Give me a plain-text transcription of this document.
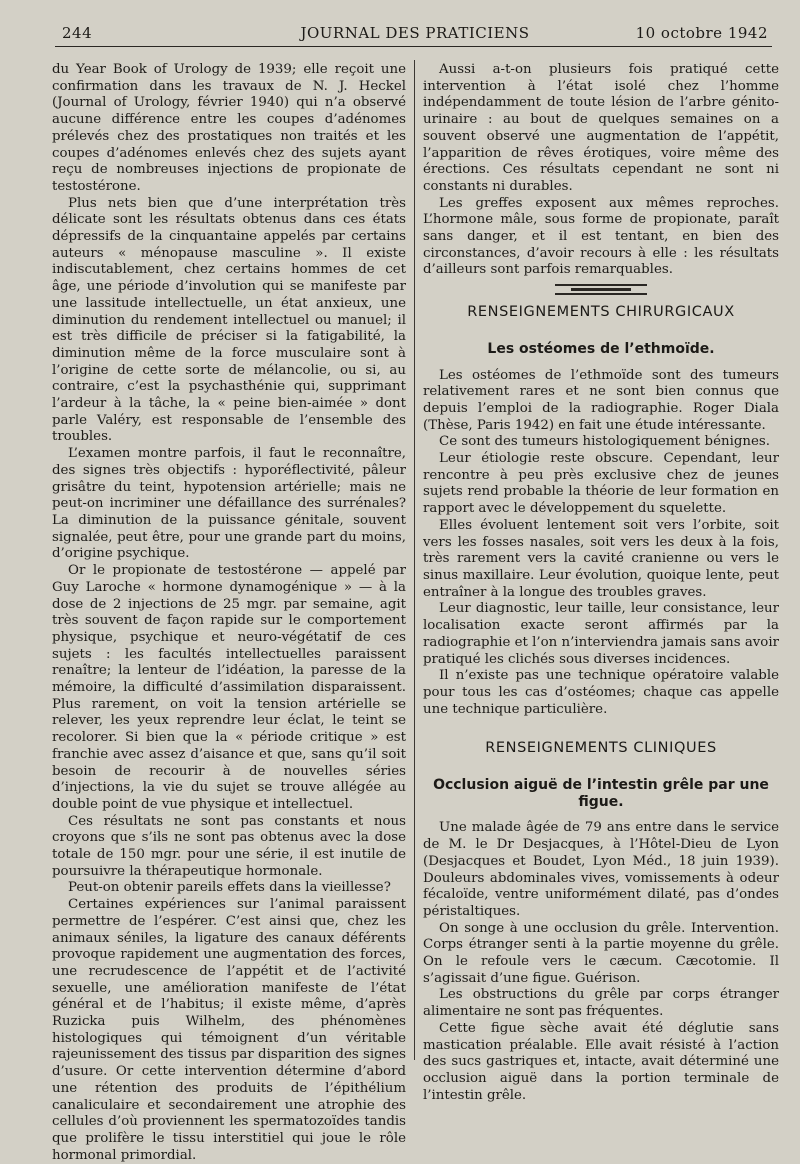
244	JOURNAL DES PRATICIENS	10 octobre 1942

du Year Book of Urology de 1939; elle reçoit une confirmation dans les travaux de N. J. Heckel (Journal of Urology, février 1940) qui n’a observé aucune différence entre les coupes d’adénomes prélevés chez des prostatiques non traités et les coupes d’adénomes enlevés chez des sujets ayant reçu de nombreuses injections de propionate de testostérone.

Plus nets bien que d’une interprétation très délicate sont les résultats obtenus dans ces états dépressifs de la cinquantaine appelés par certains auteurs « ménopause masculine ». Il existe indiscutablement, chez certains hommes de cet âge, une période d’involution qui se manifeste par une lassitude intellectuelle, un état anxieux, une diminution du rendement intellectuel ou manuel; il est très difficile de préciser si la fatigabilité, la diminution même de la force musculaire sont à l’origine de cette sorte de mélancolie, ou si, au contraire, c’est la psychasthénie qui, supprimant l’ardeur à la tâche, la « peine bien-aimée » dont parle Valéry, est responsable de l’ensemble des troubles.

L’examen montre parfois, il faut le reconnaître, des signes très objectifs : hyporéflectivité, pâleur grisâtre du teint, hypotension artérielle; mais ne peut-on incriminer une défaillance des surrénales? La diminution de la puissance génitale, souvent signalée, peut être, pour une grande part du moins, d’origine psychique.

Or le propionate de testostérone — appelé par Guy Laroche « hormone dynamogénique » — à la dose de 2 injections de 25 mgr. par semaine, agit très souvent de façon rapide sur le comportement physique, psychique et neuro-végétatif de ces sujets : les facultés intellectuelles paraissent renaître; la lenteur de l’idéation, la paresse de la mémoire, la difficulté d’assimilation disparaissent. Plus rarement, on voit la tension artérielle se relever, les yeux reprendre leur éclat, le teint se recolorer. Si bien que la « période critique » est franchie avec assez d’aisance et que, sans qu’il soit besoin de recourir à de nouvelles séries d’injections, la vie du sujet se trouve allégée au double point de vue physique et intellectuel.

Ces résultats ne sont pas constants et nous croyons que s’ils ne sont pas obtenus avec la dose totale de 150 mgr. pour une série, il est inutile de poursuivre la thérapeutique hormonale.

Peut-on obtenir pareils effets dans la vieillesse?

Certaines expériences sur l’animal paraissent permettre de l’espérer. C’est ainsi que, chez les animaux séniles, la ligature des canaux déférents provoque rapidement une augmentation des forces, une recrudescence de l’appétit et de l’activité sexuelle, une amélioration manifeste de l’état général et de l’habitus; il existe même, d’après Ruzicka puis Wilhelm, des phénomènes histologiques qui témoignent d’un véritable rajeunissement des tissus par disparition des signes d’usure. Or cette intervention détermine d’abord une rétention des produits de l’épithélium canaliculaire et secondairement une atrophie des cellules d’où proviennent les spermatozoïdes tandis que prolifère le tissu interstitiel qui joue le rôle hormonal primordial.

Aussi a-t-on plusieurs fois pratiqué cette intervention à l’état isolé chez l’homme indépendamment de toute lésion de l’arbre génito-urinaire : au bout de quelques semaines on a souvent observé une augmentation de l’appétit, l’apparition de rêves érotiques, voire même des érections. Ces résultats cependant ne sont ni constants ni durables.

Les greffes exposent aux mêmes reproches. L’hormone mâle, sous forme de propionate, paraît sans danger, et il est tentant, en bien des circonstances, d’avoir recours à elle : les résultats d’ailleurs sont parfois remarquables.

RENSEIGNEMENTS CHIRURGICAUX
Les ostéomes de l’ethmoïde.

Les ostéomes de l’ethmoïde sont des tumeurs relativement rares et ne sont bien connus que depuis l’emploi de la radiographie. Roger Diala (Thèse, Paris 1942) en fait une étude intéressante.

Ce sont des tumeurs histologiquement bénignes.

Leur étiologie reste obscure. Cependant, leur rencontre à peu près exclusive chez de jeunes sujets rend probable la théorie de leur formation en rapport avec le développement du squelette.

Elles évoluent lentement soit vers l’orbite, soit vers les fosses nasales, soit vers les deux à la fois, très rarement vers la cavité cranienne ou vers le sinus maxillaire. Leur évolution, quoique lente, peut entraîner à la longue des troubles graves.

Leur diagnostic, leur taille, leur consistance, leur localisation exacte seront affirmés par la radiographie et l’on n’interviendra jamais sans avoir pratiqué les clichés sous diverses incidences.

Il n’existe pas une technique opératoire valable pour tous les cas d’ostéomes; chaque cas appelle une technique particulière.

RENSEIGNEMENTS CLINIQUES
Occlusion aiguë de l’intestin grêle par une figue.

Une malade âgée de 79 ans entre dans le service de M. le Dr Desjacques, à l’Hôtel-Dieu de Lyon (Desjacques et Boudet, Lyon Méd., 18 juin 1939). Douleurs abdominales vives, vomissements à odeur fécaloïde, ventre uniformément dilaté, pas d’ondes péristaltiques.

On songe à une occlusion du grêle. Intervention. Corps étranger senti à la partie moyenne du grêle. On le refoule vers le cæcum. Cæcotomie. Il s’agissait d’une figue. Guérison.

Les obstructions du grêle par corps étranger alimentaire ne sont pas fréquentes.

Cette figue sèche avait été déglutie sans mastication préalable. Elle avait résisté à l’action des sucs gastriques et, intacte, avait déterminé une occlusion aiguë dans la portion terminale de l’intestin grêle.
